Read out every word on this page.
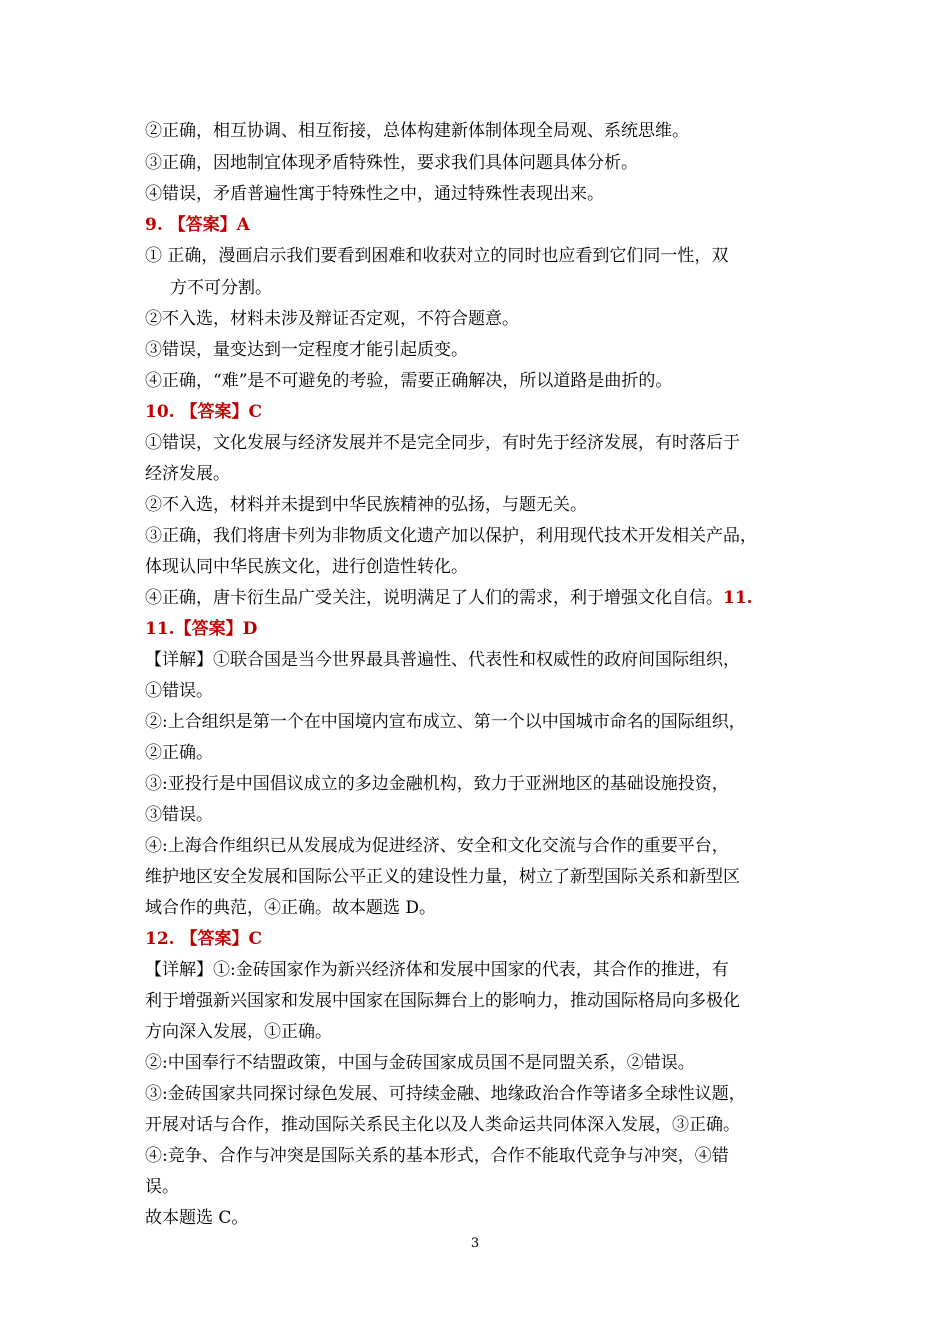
②正确，相互协调、相互衔接，总体构建新体制体现全局观、系统思维。
③正确，因地制宜体现矛盾特殊性，要求我们具体问题具体分析。
④错误，矛盾普遍性寓于特殊性之中，通过特殊性表现出来。
9. 【答案】A
① 正确，漫画启示我们要看到困难和收获对立的同时也应看到它们同一性，双
方不可分割。
②不入选，材料未涉及辩证否定观，不符合题意。
③错误，量变达到一定程度才能引起质变。
④正确，“难”是不可避免的考验，需要正确解决，所以道路是曲折的。
10. 【答案】C
①错误，文化发展与经济发展并不是完全同步，有时先于经济发展，有时落后于
经济发展。
②不入选，材料并未提到中华民族精神的弘扬，与题无关。
③正确，我们将唐卡列为非物质文化遗产加以保护，利用现代技术开发相关产品，
体现认同中华民族文化，进行创造性转化。
④正确，唐卡衍生品广受关注，说明满足了人们的需求，利于增强文化自信。11.
11.【答案】D
【详解】①联合国是当今世界最具普遍性、代表性和权威性的政府间国际组织，
①错误。
②:上合组织是第一个在中国境内宣布成立、第一个以中国城市命名的国际组织，
②正确。
③:亚投行是中国倡议成立的多边金融机构，致力于亚洲地区的基础设施投资，
③错误。
④:上海合作组织已从发展成为促进经济、安全和文化交流与合作的重要平台，
维护地区安全发展和国际公平正义的建设性力量，树立了新型国际关系和新型区
域合作的典范，④正确。故本题选 D。
12. 【答案】C
【详解】①:金砖国家作为新兴经济体和发展中国家的代表，其合作的推进，有
利于增强新兴国家和发展中国家在国际舞台上的影响力，推动国际格局向多极化
方向深入发展，①正确。
②:中国奉行不结盟政策，中国与金砖国家成员国不是同盟关系，②错误。
③:金砖国家共同探讨绿色发展、可持续金融、地缘政治合作等诸多全球性议题，
开展对话与合作，推动国际关系民主化以及人类命运共同体深入发展，③正确。
④:竞争、合作与冲突是国际关系的基本形式，合作不能取代竞争与冲突，④错
误。
故本题选 C。
3
